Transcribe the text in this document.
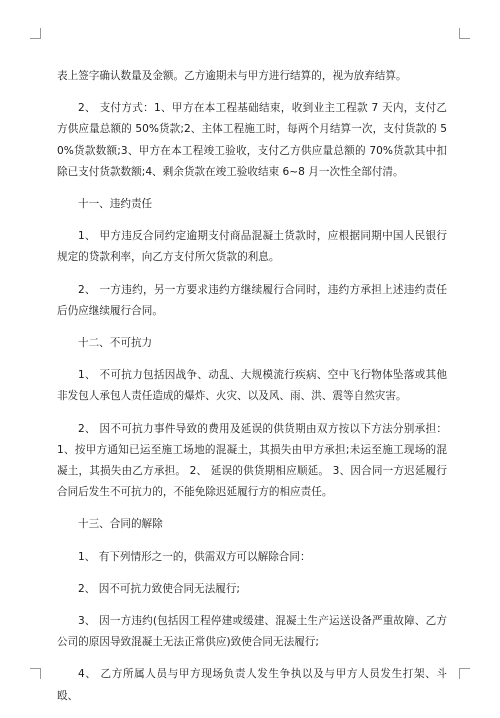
表上签字确认数量及金额。乙方逾期未与甲方进行结算的，视为放弃结算。

2、 支付方式：1、甲方在本工程基础结束，收到业主工程款 7 天内，支付乙方供应量总额的 50%货款;2、主体工程施工时，每两个月结算一次，支付货款的 50%货款数额;3、甲方在本工程竣工验收，支付乙方供应量总额的 70%货款其中扣除已支付货款数额;4、剩余货款在竣工验收结束 6~8 月一次性全部付清。

十一、违约责任

1、 甲方违反合同约定逾期支付商品混凝土货款时，应根据同期中国人民银行规定的贷款利率，向乙方支付所欠货款的利息。

2、 一方违约，另一方要求违约方继续履行合同时，违约方承担上述违约责任后仍应继续履行合同。

十二、不可抗力

1、 不可抗力包括因战争、动乱、大规模流行疾病、空中飞行物体坠落或其他非发包人承包人责任造成的爆炸、火灾、以及风、雨、洪、震等自然灾害。

2、 因不可抗力事件导致的费用及延误的供货期由双方按以下方法分别承担：1、按甲方通知已运至施工场地的混凝土，其损失由甲方承担;未运至施工现场的混凝土，其损失由乙方承担。 2、 延误的供货期相应顺延。 3、因合同一方迟延履行合同后发生不可抗力的，不能免除迟延履行方的相应责任。

十三、合同的解除

1、 有下列情形之一的，供需双方可以解除合同：

2、 因不可抗力致使合同无法履行;

3、 因一方违约(包括因工程停建或缓建、混凝土生产运送设备严重故障、乙方公司的原因导致混凝土无法正常供应)致使合同无法履行;

4、 乙方所属人员与甲方现场负责人发生争执以及与甲方人员发生打架、斗殴、
